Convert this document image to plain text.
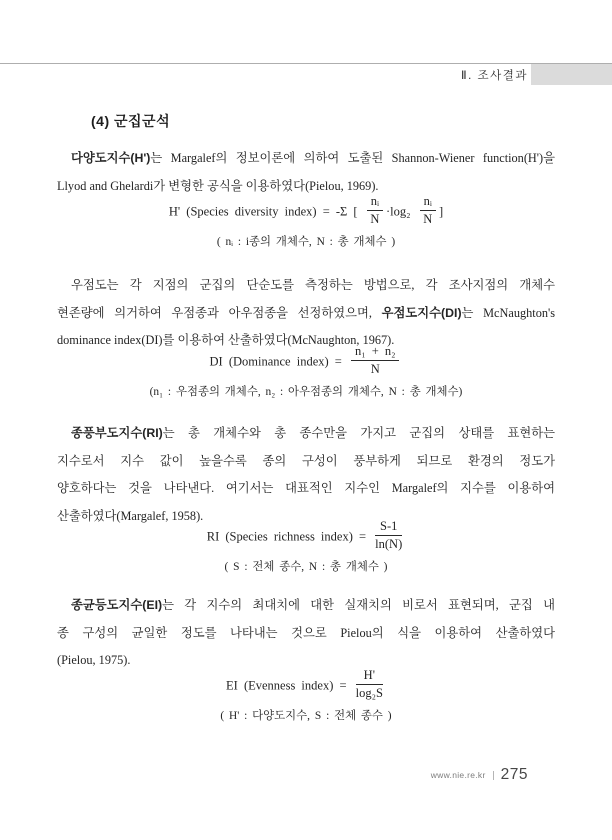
Ⅱ. 조사결과
(4) 군집군석

다양도지수(H')는 Margalef의 정보이론에 의하여 도출된 Shannon-Wiener function(H')을
Llyod and Ghelardi가 변형한 공식을 이용하였다(Pielou, 1969).

H' (Species diversity index) = -Σ [ $\frac{\text{nᵢ}}{N} \cdot\log_2 \frac{\text{nᵢ}}{N}$ ]
( nᵢ : i종의 개체수, N : 총 개체수 )

우점도는 각 지점의 군집의 단순도를 측정하는 방법으로, 각 조사지점의 개체수
현존량에 의거하여 우점종과 아우점종을 선정하였으며, 우점도지수(DI)는 McNaughton's
dominance index(DI)를 이용하여 산출하였다(McNaughton, 1967).

DI (Dominance index) = $\frac{\text{n₁ + n₂}}{N}$
(n₁ : 우점종의 개체수, n₂ : 아우점종의 개체수, N : 총 개체수)

종풍부도지수(RI)는 총 개체수와 총 종수만을 가지고 군집의 상태를 표현하는
지수로서 지수 값이 높을수록 종의 구성이 풍부하게 되므로 환경의 정도가
양호하다는 것을 나타낸다. 여기서는 대표적인 지수인 Margalef의 지수를 이용하여
산출하였다(Margalef, 1958).

RI (Species richness index) = $\frac{S-1}{\ln(N)}$
( S : 전체 종수, N : 총 개체수 )

종균등도지수(EI)는 각 지수의 최대치에 대한 실재치의 비로서 표현되며, 군집 내
종 구성의 균일한 정도를 나타내는 것으로 Pielou의 식을 이용하여 산출하였다
(Pielou, 1975).

EI (Evenness index) = $\frac{H'}{\text{log₂S}}$
( H' : 다양도지수, S : 전체 종수 )
www.nie.re.kr 275
